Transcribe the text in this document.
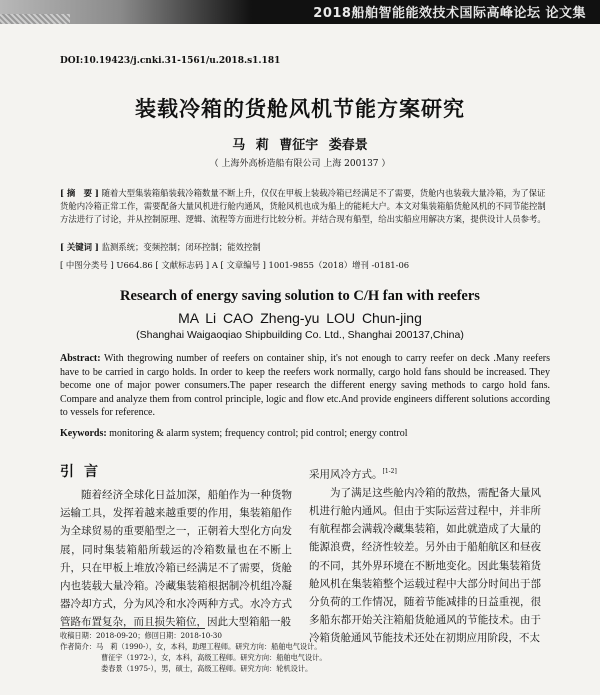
2018船舶智能能效技术国际高峰论坛 论文集
DOI:10.19423/j.cnki.31-1561/u.2018.s1.181
装载冷箱的货舱风机节能方案研究
马 莉 曹征宇 娄春景
（ 上海外高桥造船有限公司 上海 200137 ）
[ 摘　要 ] 随着大型集装箱船装载冷箱数量不断上升，仅仅在甲板上装载冷箱已经满足不了需要，货舱内也装载大量冷箱，为了保证货舱内冷箱正常工作，需要配备大量风机进行舱内通风，货舱风机也成为船上的能耗大户。本文对集装箱船货舱风机的不同节能控制方法进行了讨论，并从控制原理、逻辑、流程等方面进行比较分析。并结合现有船型，给出实船应用解决方案，提供设计人员参考。
[ 关键词 ] 监测系统；变频控制；闭环控制；能效控制
[ 中图分类号 ] U664.86 [ 文献标志码 ] A [ 文章编号 ] 1001-9855（2018）增刊 -0181-06
Research of energy saving solution to C/H fan with reefers
MA Li CAO Zheng-yu LOU Chun-jing
(Shanghai Waigaoqiao Shipbuilding Co. Ltd., Shanghai 200137,China)
Abstract: With thegrowing number of reefers on container ship, it's not enough to carry reefer on deck .Many reefers have to be carried in cargo holds. In order to keep the reefers work normally, cargo hold fans should be increased. They become one of major power consumers.The paper research the different energy saving methods to cargo hold fans. Compare and analyze them from control principle, logic and flow etc.And provide engineers different solutions according to vessels for reference.
Keywords: monitoring & alarm system; frequency control; pid control; energy control
引言

随着经济全球化日益加深，船舶作为一种货物运输工具，发挥着越来越重要的作用，集装箱船作为全球贸易的重要船型之一，正朝着大型化方向发展，同时集装箱船所载运的冷箱数量也在不断上升，只在甲板上堆放冷箱已经满足不了需要，货舱内也装载大量冷箱。冷藏集装箱根据制冷机组冷凝器冷却方式，分为风冷和水冷两种方式。水冷方式管路布置复杂，而且损失箱位，因此大型箱船一般

采用风冷方式。[1-2]

为了满足这些舱内冷箱的散热，需配备大量风机进行舱内通风。但由于实际运营过程中，并非所有航程都会满载冷藏集装箱，如此就造成了大量的能源浪费，经济性较差。另外由于船舶航区和昼夜的不同，其外界环境在不断地变化。因此集装箱货舱风机在集装箱整个运载过程中大部分时间出于部分负荷的工作情况，随着节能减排的日益重视，很多船东都开始关注箱船货舱通风的节能技术。由于冷箱货舱通风节能技术还处在初期应用阶段，不太

收稿日期：2018-09-20；修回日期：2018-10-30
作者简介：马　莉（1990-），女，本科，助理工程师。研究方向：船舶电气设计。
曹征宇（1972-），女，本科，高级工程师。研究方向：船舶电气设计。
娄春景（1975-），男，硕士，高级工程师。研究方向：轮机设计。
